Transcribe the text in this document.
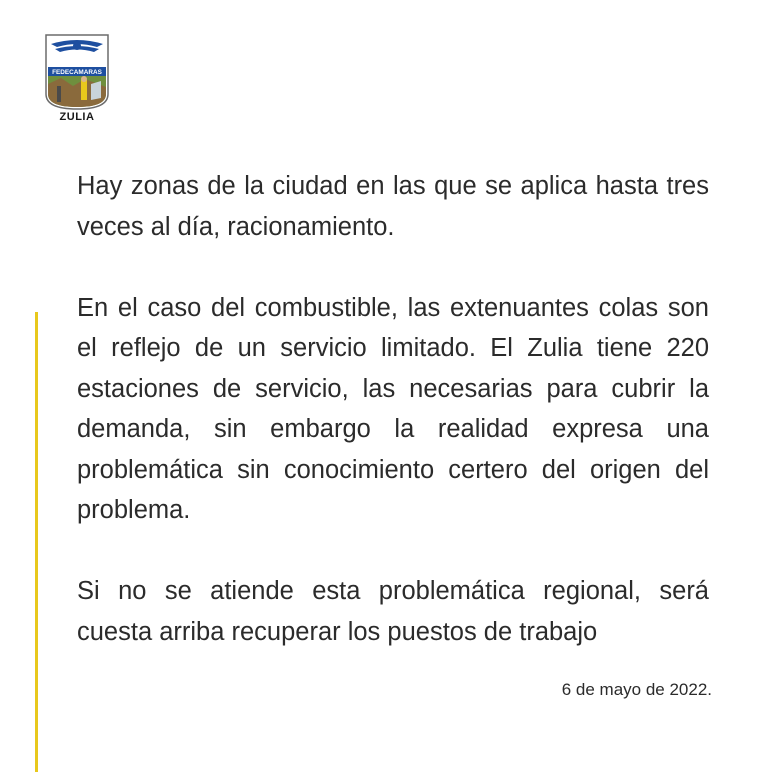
FEDECAMARAS
ZULIA

Hay zonas de la ciudad en las que se aplica hasta tres veces al día, racionamiento.

En el caso del combustible, las extenuantes colas son el reflejo de un servicio limitado. El Zulia tiene 220 estaciones de servicio, las necesarias para cubrir la demanda, sin embargo la realidad expresa una problemática sin conocimiento certero del origen del problema.

Si no se atiende esta problemática regional, será cuesta arriba recuperar los puestos de trabajo

6 de mayo de 2022.
